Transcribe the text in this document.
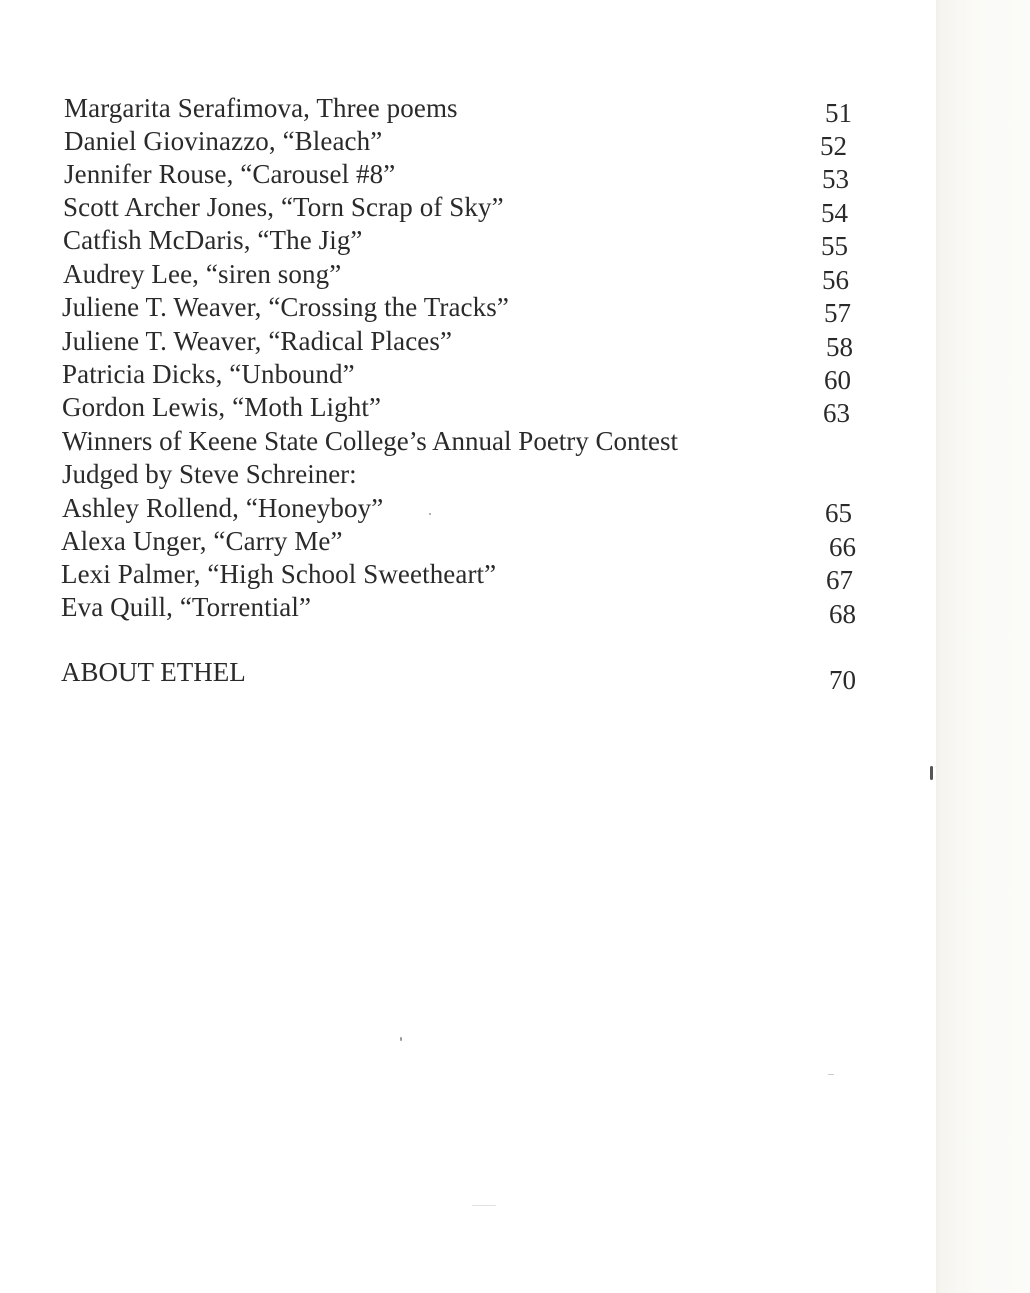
Margarita Serafimova, Three poems	51
Daniel Giovinazzo, “Bleach”	52
Jennifer Rouse, “Carousel #8”	53
Scott Archer Jones, “Torn Scrap of Sky”	54
Catfish McDaris, “The Jig”	55
Audrey Lee, “siren song”	56
Juliene T. Weaver, “Crossing the Tracks”	57
Juliene T. Weaver, “Radical Places”	58
Patricia Dicks, “Unbound”	60
Gordon Lewis, “Moth Light”	63
Winners of Keene State College’s Annual Poetry Contest
Judged by Steve Schreiner:
Ashley Rollend, “Honeyboy”	65
Alexa Unger, “Carry Me”	66
Lexi Palmer, “High School Sweetheart”	67
Eva Quill, “Torrential”	68
ABOUT ETHEL	70
